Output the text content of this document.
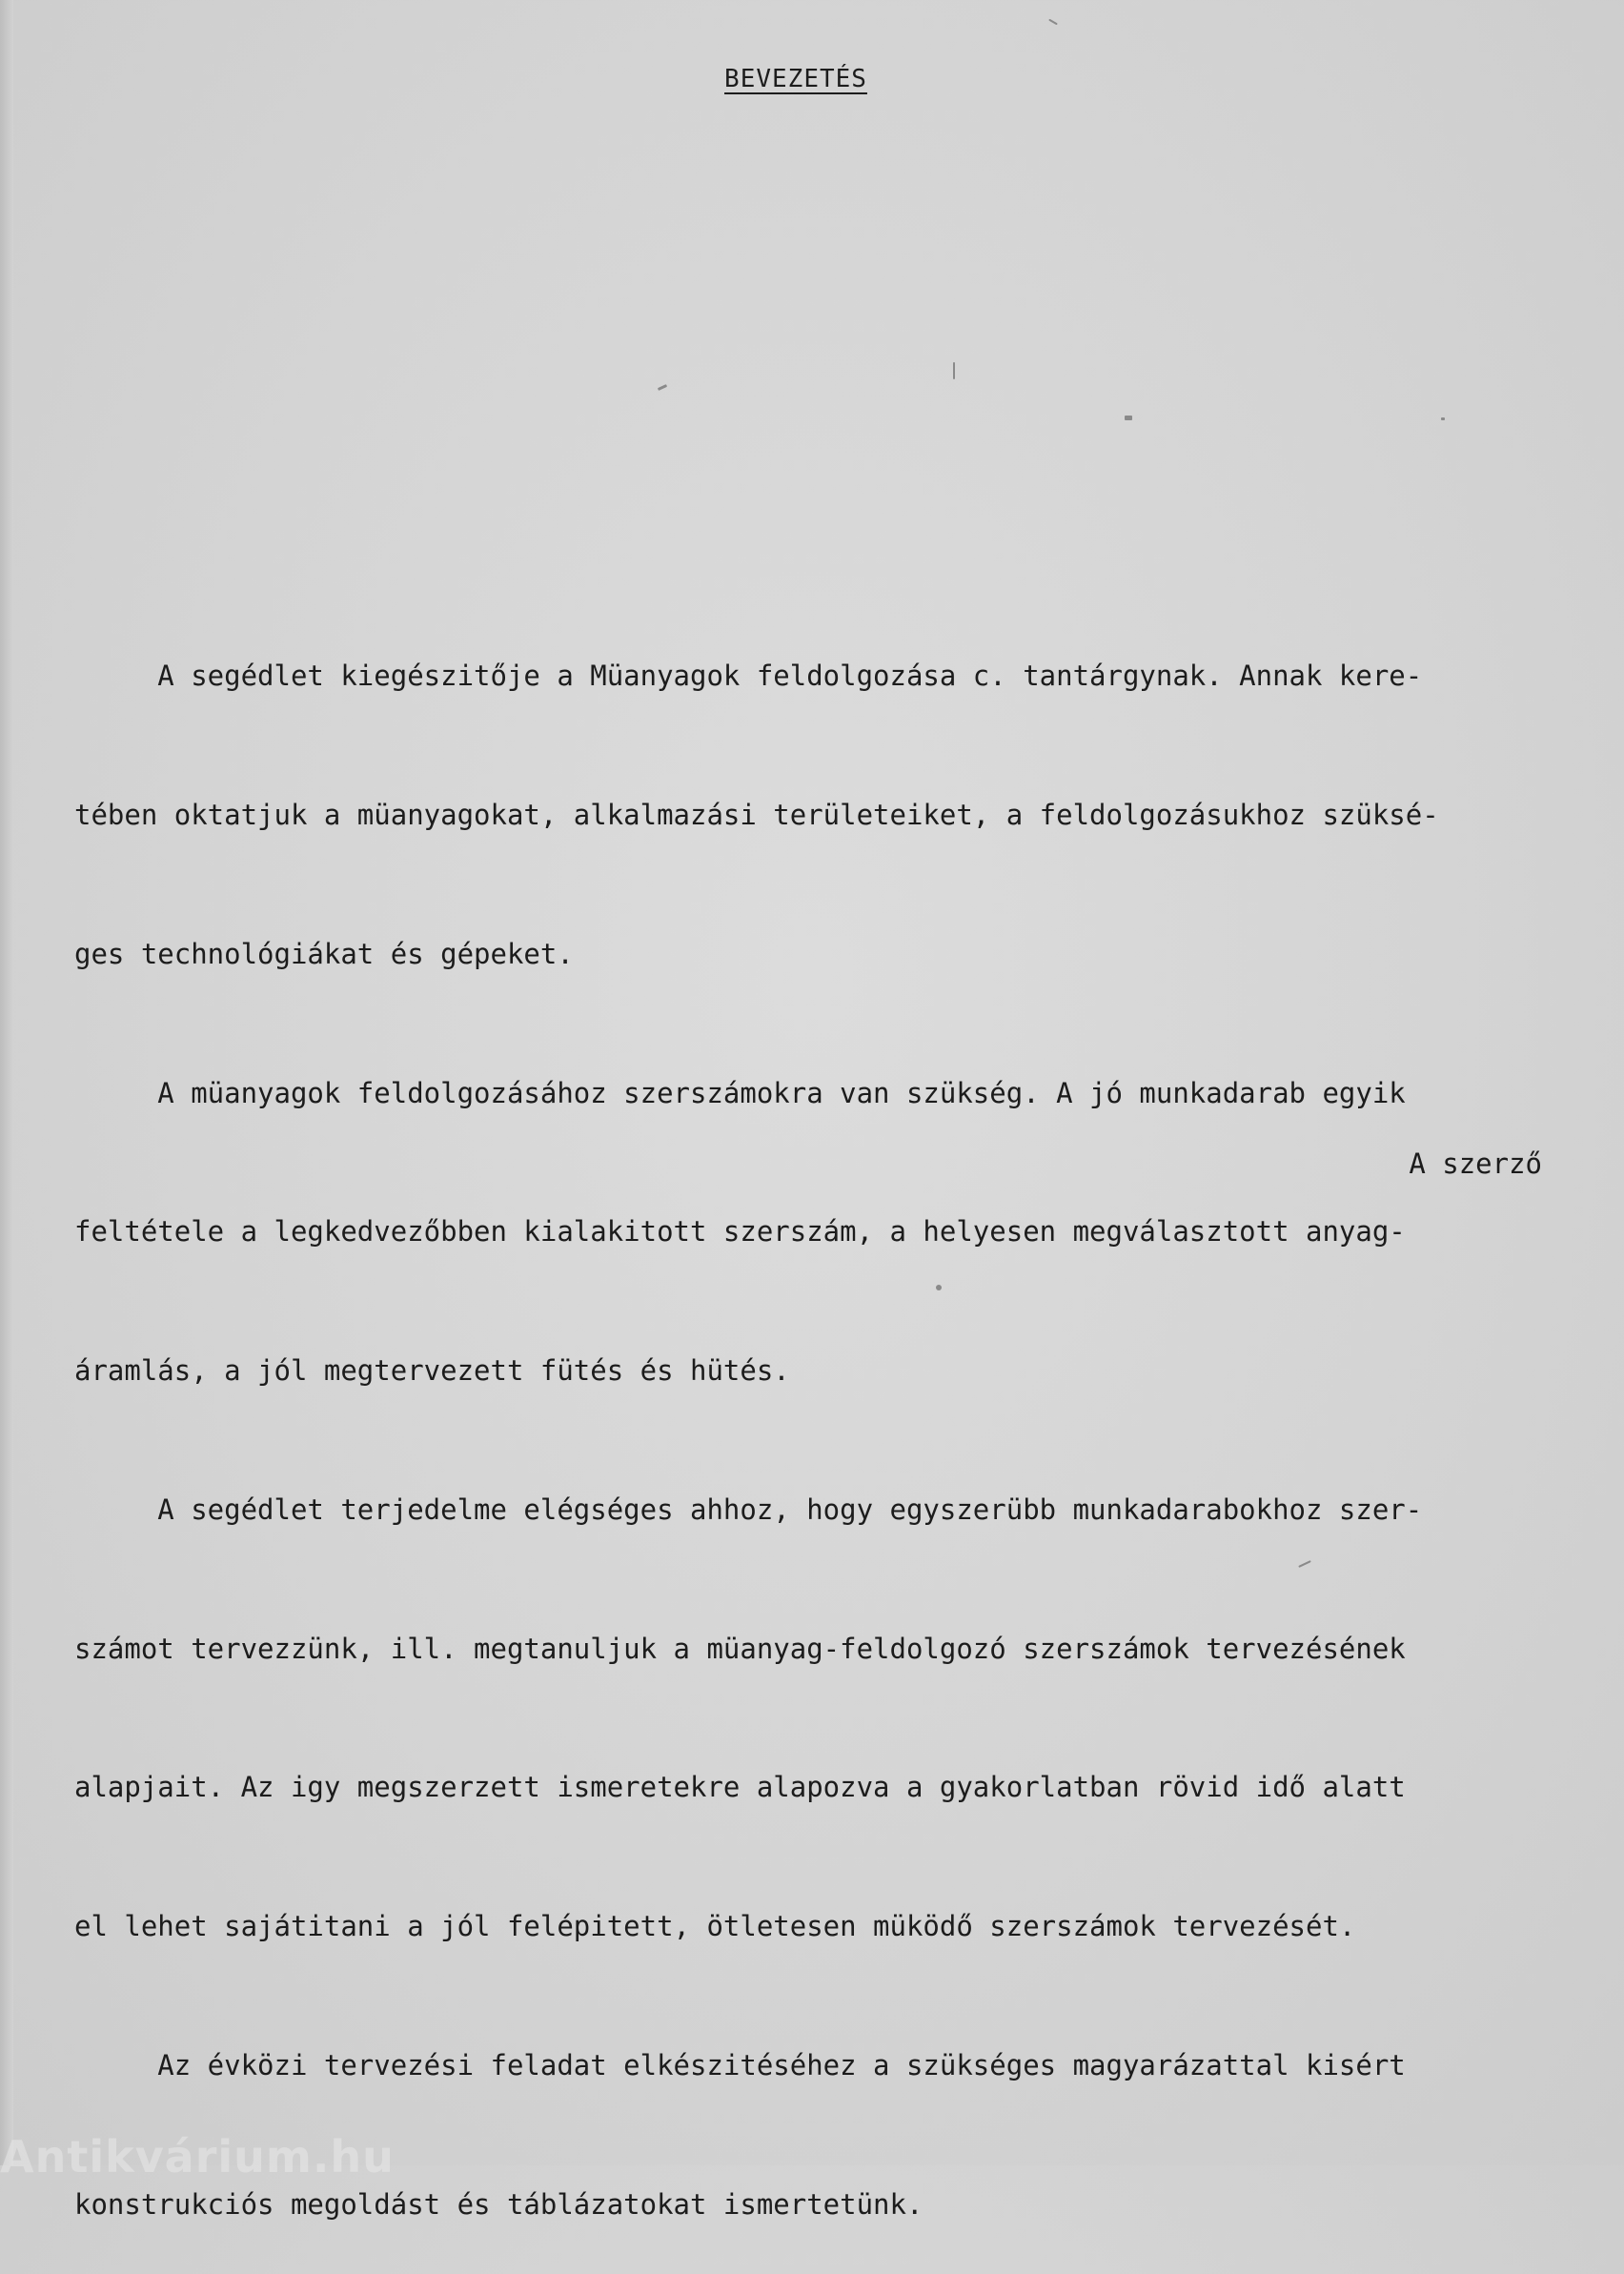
BEVEZETÉS

A segédlet kiegészitője a Müanyagok feldolgozása c. tantárgynak. Annak kere-

tében oktatjuk a müanyagokat, alkalmazási területeiket, a feldolgozásukhoz szüksé-

ges technológiákat és gépeket.

A müanyagok feldolgozásához szerszámokra van szükség. A jó munkadarab egyik

feltétele a legkedvezőbben kialakitott szerszám, a helyesen megválasztott anyag-

áramlás, a jól megtervezett fütés és hütés.

A segédlet terjedelme elégséges ahhoz, hogy egyszerübb munkadarabokhoz szer-

számot tervezzünk, ill. megtanuljuk a müanyag-feldolgozó szerszámok tervezésének

alapjait. Az igy megszerzett ismeretekre alapozva a gyakorlatban rövid idő alatt

el lehet sajátitani a jól felépitett, ötletesen müködő szerszámok tervezését.

Az évközi tervezési feladat elkészitéséhez a szükséges magyarázattal kisért

konstrukciós megoldást és táblázatokat ismertetünk.

A szerző
Antikvárium.hu
